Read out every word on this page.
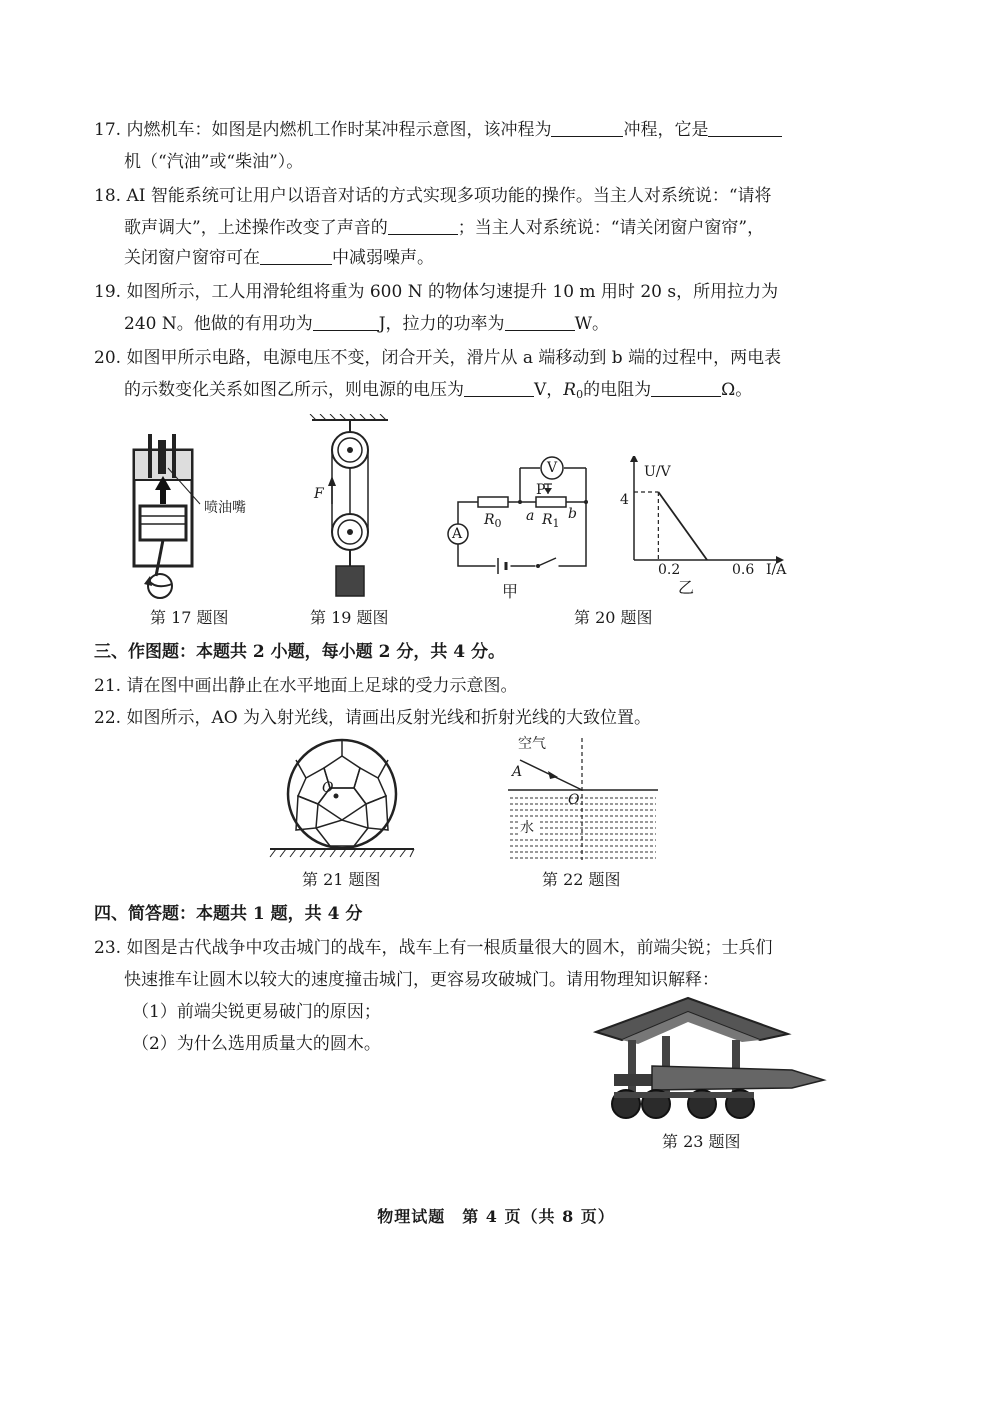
17. 内燃机车：如图是内燃机工作时某冲程示意图，该冲程为	冲程，它是
机（“汽油”或“柴油”）。
18. AI 智能系统可让用户以语音对话的方式实现多项功能的操作。当主人对系统说：“请将
歌声调大”，上述操作改变了声音的	；当主人对系统说：“请关闭窗户窗帘”，
关闭窗户窗帘可在	中减弱噪声。
19. 如图所示，工人用滑轮组将重为 600 N 的物体匀速提升 10 m 用时 20 s，所用拉力为
240 N。他做的有用功为	J，拉力的功率为	W。
20. 如图甲所示电路，电源电压不变，闭合开关，滑片从 a 端移动到 b 端的过程中，两电表
的示数变化关系如图乙所示，则电源的电压为	V，$R_0$的电阻为	Ω。
喷油嘴
第 17 题图
F
第 19 题图
A
V
$R_0$	$R_1$
a b
P
甲
U/V
I/A
4
0.2	0.6
乙
第 20 题图
三、作图题：本题共 2 小题，每小题 2 分，共 4 分。
21. 请在图中画出静止在水平地面上足球的受力示意图。
22. 如图所示，AO 为入射光线，请画出反射光线和折射光线的大致位置。
O
第 21 题图
空气
A
O
水
第 22 题图
四、简答题：本题共 1 题，共 4 分
23. 如图是古代战争中攻击城门的战车，战车上有一根质量很大的圆木，前端尖锐；士兵们
快速推车让圆木以较大的速度撞击城门，更容易攻破城门。请用物理知识解释：
（1）前端尖锐更易破门的原因；
（2）为什么选用质量大的圆木。
第 23 题图
物理试题　第 4 页（共 8 页）
